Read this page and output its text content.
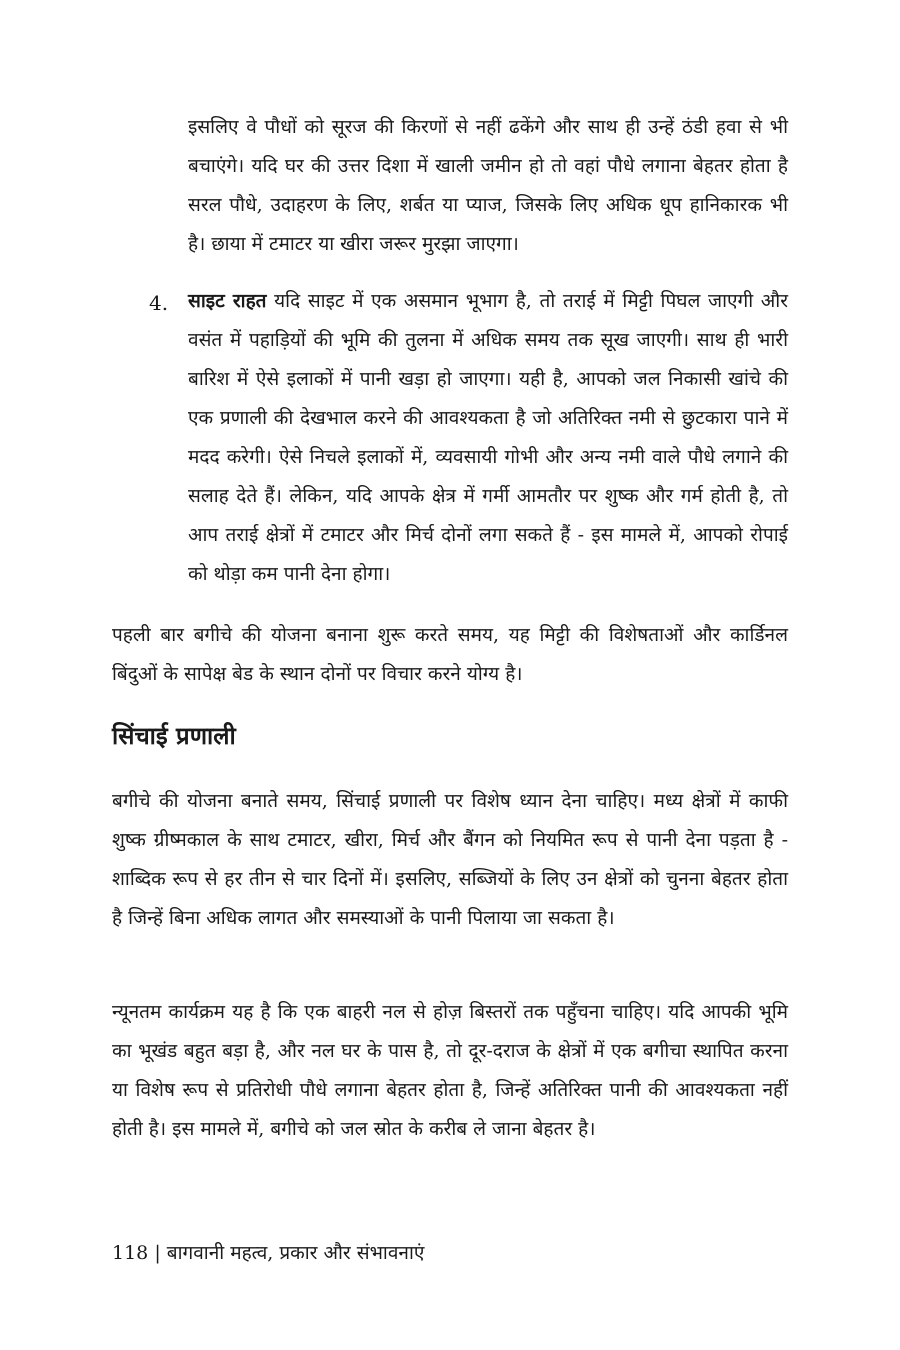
इसलिए वे पौधों को सूरज की किरणों से नहीं ढकेंगे और साथ ही उन्हें ठंडी हवा से भी बचाएंगे। यदि घर की उत्तर दिशा में खाली जमीन हो तो वहां पौधे लगाना बेहतर होता है सरल पौधे, उदाहरण के लिए, शर्बत या प्याज, जिसके लिए अधिक धूप हानिकारक भी है। छाया में टमाटर या खीरा जरूर मुरझा जाएगा।

4. साइट राहत यदि साइट में एक असमान भूभाग है, तो तराई में मिट्टी पिघल जाएगी और वसंत में पहाड़ियों की भूमि की तुलना में अधिक समय तक सूख जाएगी। साथ ही भारी बारिश में ऐसे इलाकों में पानी खड़ा हो जाएगा। यही है, आपको जल निकासी खांचे की एक प्रणाली की देखभाल करने की आवश्यकता है जो अतिरिक्त नमी से छुटकारा पाने में मदद करेगी। ऐसे निचले इलाकों में, व्यवसायी गोभी और अन्य नमी वाले पौधे लगाने की सलाह देते हैं। लेकिन, यदि आपके क्षेत्र में गर्मी आमतौर पर शुष्क और गर्म होती है, तो आप तराई क्षेत्रों में टमाटर और मिर्च दोनों लगा सकते हैं - इस मामले में, आपको रोपाई को थोड़ा कम पानी देना होगा।

पहली बार बगीचे की योजना बनाना शुरू करते समय, यह मिट्टी की विशेषताओं और कार्डिनल बिंदुओं के सापेक्ष बेड के स्थान दोनों पर विचार करने योग्य है।

सिंचाई प्रणाली

बगीचे की योजना बनाते समय, सिंचाई प्रणाली पर विशेष ध्यान देना चाहिए। मध्य क्षेत्रों में काफी शुष्क ग्रीष्मकाल के साथ टमाटर, खीरा, मिर्च और बैंगन को नियमित रूप से पानी देना पड़ता है - शाब्दिक रूप से हर तीन से चार दिनों में। इसलिए, सब्जियों के लिए उन क्षेत्रों को चुनना बेहतर होता है जिन्हें बिना अधिक लागत और समस्याओं के पानी पिलाया जा सकता है।

न्यूनतम कार्यक्रम यह है कि एक बाहरी नल से होज़ बिस्तरों तक पहुँचना चाहिए। यदि आपकी भूमि का भूखंड बहुत बड़ा है, और नल घर के पास है, तो दूर-दराज के क्षेत्रों में एक बगीचा स्थापित करना या विशेष रूप से प्रतिरोधी पौधे लगाना बेहतर होता है, जिन्हें अतिरिक्त पानी की आवश्यकता नहीं होती है। इस मामले में, बगीचे को जल स्रोत के करीब ले जाना बेहतर है।

118 | बागवानी महत्व, प्रकार और संभावनाएं
